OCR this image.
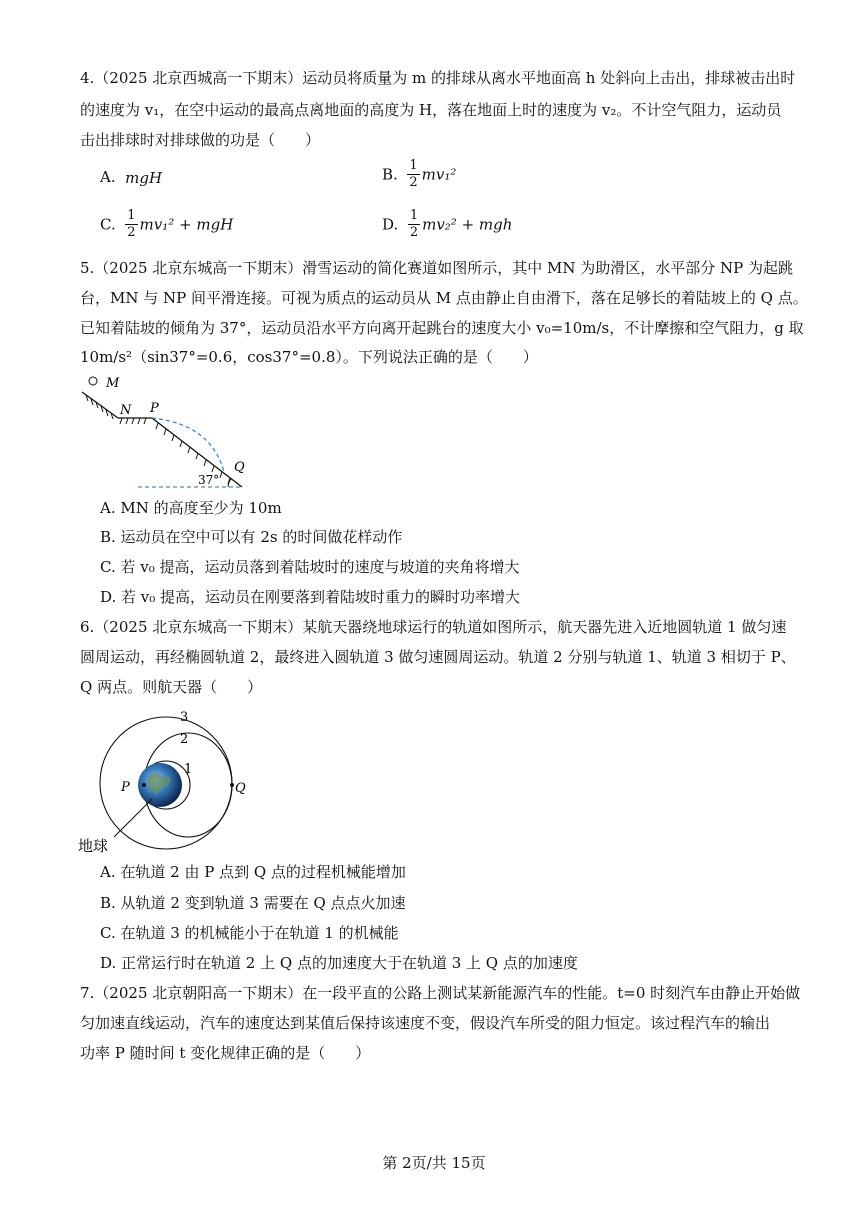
4.（2025 北京西城高一下期末）运动员将质量为 m 的排球从离水平地面高 h 处斜向上击出，排球被击出时
的速度为 v₁，在空中运动的最高点离地面的高度为 H，落在地面上时的速度为 v₂。不计空气阻力，运动员
击出排球时对排球做的功是（　　）
A. mgH	B. $\frac{1}{2} mv_1^2$
C. $\frac{1}{2} mv_1^2$ + mgH	D. $\frac{1}{2} mv_2^2$ + mgh
5.（2025 北京东城高一下期末）滑雪运动的简化赛道如图所示，其中 MN 为助滑区，水平部分 NP 为起跳
台，MN 与 NP 间平滑连接。可视为质点的运动员从 M 点由静止自由滑下，落在足够长的着陆坡上的 Q 点。
已知着陆坡的倾角为 37°，运动员沿水平方向离开起跳台的速度大小 v₀=10m/s，不计摩擦和空气阻力，g 取
10m/s²（sin37°=0.6，cos37°=0.8）。下列说法正确的是（　　）
M
N P
Q
37°
A. MN 的高度至少为 10m
B. 运动员在空中可以有 2s 的时间做花样动作
C. 若 v₀ 提高，运动员落到着陆坡时的速度与坡道的夹角将增大
D. 若 v₀ 提高，运动员在刚要落到着陆坡时重力的瞬时功率增大
6.（2025 北京东城高一下期末）某航天器绕地球运行的轨道如图所示，航天器先进入近地圆轨道 1 做匀速
圆周运动，再经椭圆轨道 2，最终进入圆轨道 3 做匀速圆周运动。轨道 2 分别与轨道 1、轨道 3 相切于 P、
Q 两点。则航天器（　　）
3
2
1
P	Q
地球
A. 在轨道 2 由 P 点到 Q 点的过程机械能增加
B. 从轨道 2 变到轨道 3 需要在 Q 点点火加速
C. 在轨道 3 的机械能小于在轨道 1 的机械能
D. 正常运行时在轨道 2 上 Q 点的加速度大于在轨道 3 上 Q 点的加速度
7.（2025 北京朝阳高一下期末）在一段平直的公路上测试某新能源汽车的性能。t=0 时刻汽车由静止开始做
匀加速直线运动，汽车的速度达到某值后保持该速度不变，假设汽车所受的阻力恒定。该过程汽车的输出
功率 P 随时间 t 变化规律正确的是（　　）
第 2页/共 15页
